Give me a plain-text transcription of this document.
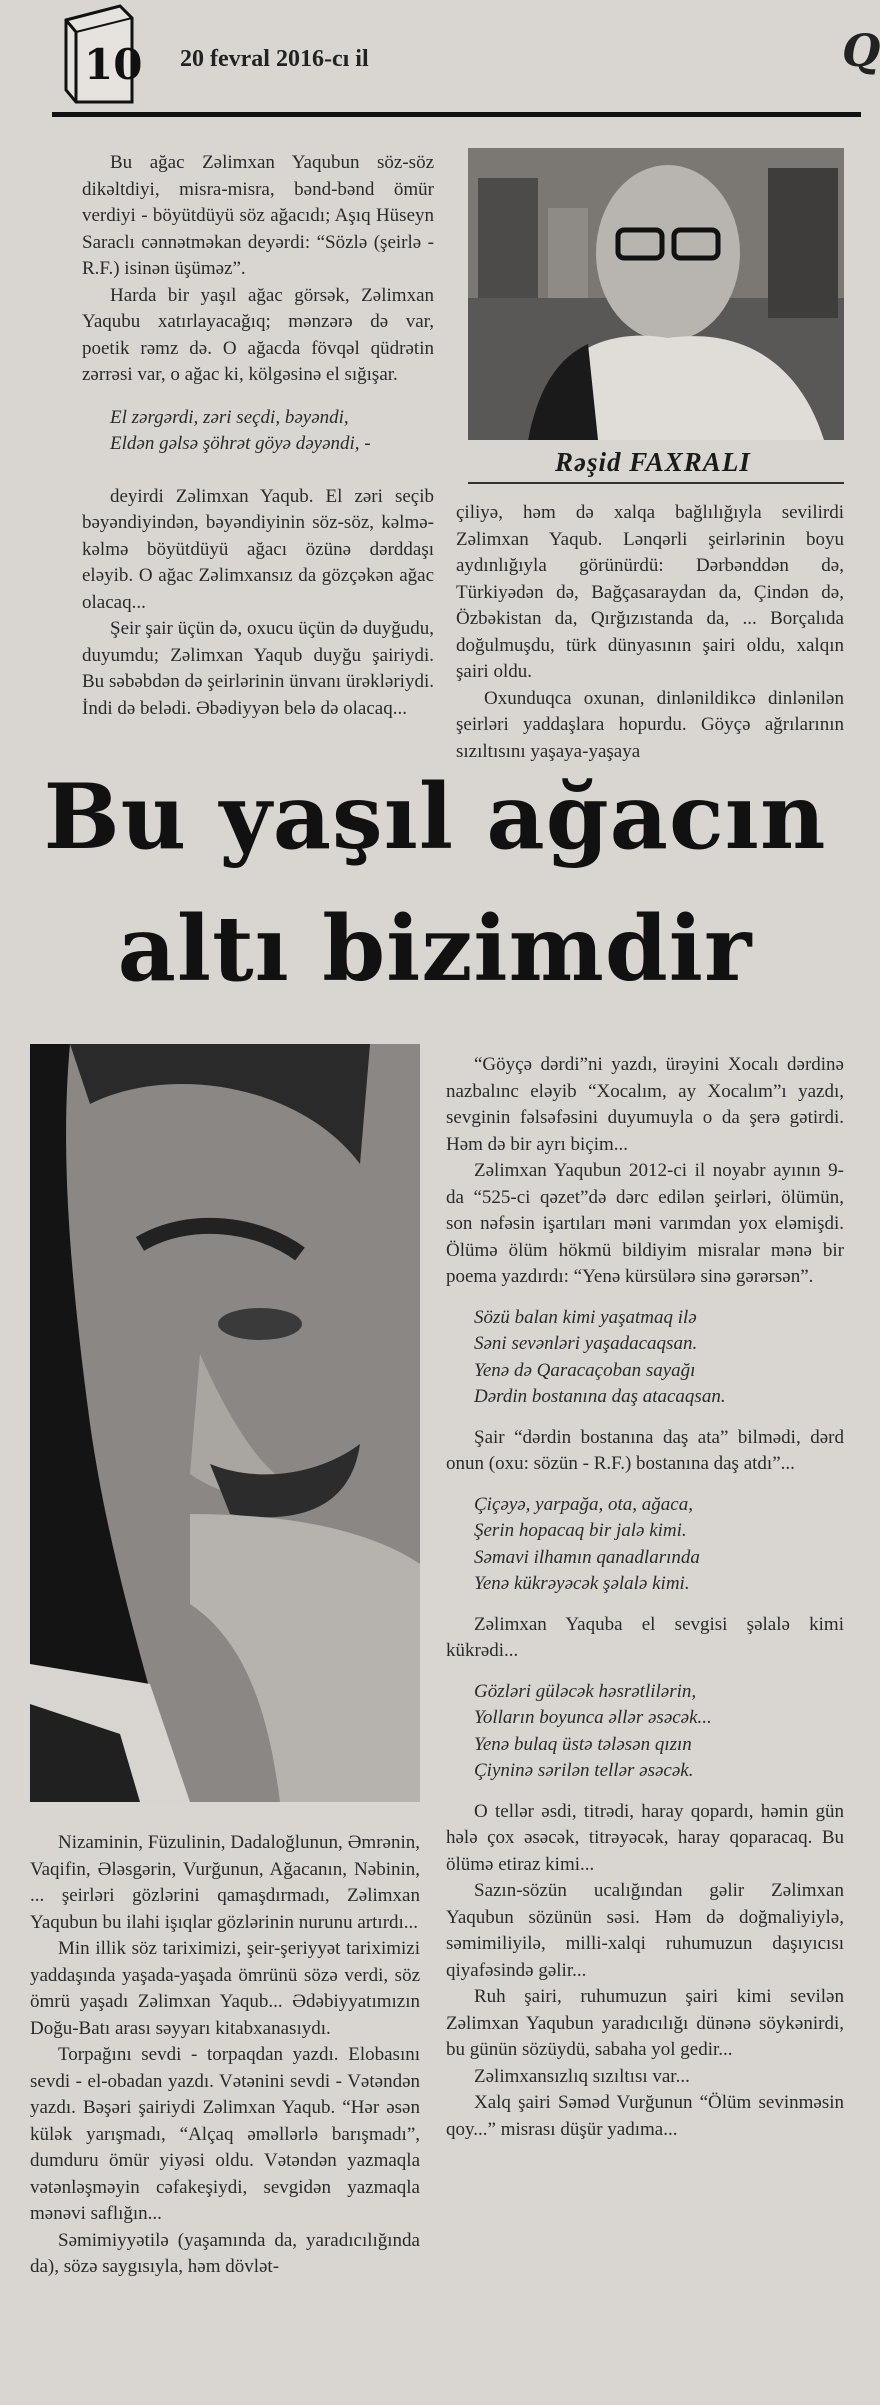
10 20 fevral 2016-cı il	Q

Bu ağac Zəlimxan Yaqubun söz-söz dikəltdiyi, misra-misra, bənd-bənd ömür verdiyi - böyütdüyü söz ağacıdı; Aşıq Hüseyn Saraclı cənnətməkan deyərdi: “Sözlə (şeirlə - R.F.) isinən üşüməz”.

Harda bir yaşıl ağac görsək, Zəlimxan Yaqubu xatırlayacağıq; mənzərə də var, poetik rəmz də. O ağacda fövqəl qüdrətin zərrəsi var, o ağac ki, kölgəsinə el sığışar.

El zərgərdi, zəri seçdi, bəyəndi,

Eldən gəlsə şöhrət göyə dəyəndi, -

deyirdi Zəlimxan Yaqub. El zəri seçib bəyəndiyindən, bəyəndiyinin söz-söz, kəlmə-kəlmə böyütdüyü ağacı özünə dərddaşı eləyib. O ağac Zəlimxansız da gözçəkən ağac olacaq...

Şeir şair üçün də, oxucu üçün də duyğudu, duyumdu; Zəlimxan Yaqub duyğu şairiydi. Bu səbəbdən də şeirlərinin ünvanı ürəkləriydi. İndi də belədi. Əbədiyyən belə də olacaq...

Rəşid FAXRALI

çiliyə, həm də xalqa bağlılığıyla sevilirdi Zəlimxan Yaqub. Lənqərli şeirlərinin boyu aydınlığıyla görünürdü: Dərbənddən də, Türkiyədən də, Bağçasaraydan da, Çindən də, Özbəkistan da, Qırğızıstanda da, ... Borçalıda doğulmuşdu, türk dünyasının şairi oldu, xalqın şairi oldu.

Oxunduqca oxunan, dinlənildikcə dinlənilən şeirləri yaddaşlara hopurdu. Göyçə ağrılarının sızıltısını yaşaya-yaşaya

Bu yaşıl ağacın
altı bizimdir

Nizaminin, Füzulinin, Dadaloğlunun, Əmrənin, Vaqifin, Ələsgərin, Vurğunun, Ağacanın, Nəbinin, ... şeirləri gözlərini qamaşdırmadı, Zəlimxan Yaqubun bu ilahi işıqlar gözlərinin nurunu artırdı...

Min illik söz tariximizi, şeir-şeriyyət tariximizi yaddaşında yaşada-yaşada ömrünü sözə verdi, söz ömrü yaşadı Zəlimxan Yaqub... Ədəbiyyatımızın Doğu-Batı arası səyyarı kitabxanasıydı.

Torpağını sevdi - torpaqdan yazdı. Elobasını sevdi - el-obadan yazdı. Vətənini sevdi - Vətəndən yazdı. Bəşəri şairiydi Zəlimxan Yaqub. “Hər əsən külək yarışmadı, “Alçaq əməllərlə barışmadı”, dumduru ömür yiyəsi oldu. Vətəndən yazmaqla vətənləşməyin cəfakeşiydi, sevgidən yazmaqla mənəvi saflığın...

Səmimiyyətilə (yaşamında da, yaradıcılığında da), sözə saygısıyla, həm dövlət-

“Göyçə dərdi”ni yazdı, ürəyini Xocalı dərdinə nazbalınc eləyib “Xocalım, ay Xocalım”ı yazdı, sevginin fəlsəfəsini duyumuyla o da şerə gətirdi. Həm də bir ayrı biçim...

Zəlimxan Yaqubun 2012-ci il noyabr ayının 9-da “525-ci qəzet”də dərc edilən şeirləri, ölümün, son nəfəsin işartıları məni varımdan yox eləmişdi. Ölümə ölüm hökmü bildiyim misralar mənə bir poema yazdırdı: “Yenə kürsülərə sinə gərərsən”.

Sözü balan kimi yaşatmaq ilə

Səni sevənləri yaşadacaqsan.

Yenə də Qaracaçoban sayağı

Dərdin bostanına daş atacaqsan.

Şair “dərdin bostanına daş ata” bilmədi, dərd onun (oxu: sözün - R.F.) bostanına daş atdı”...

Çiçəyə, yarpağa, ota, ağaca,

Şerin hopacaq bir jalə kimi.

Səmavi ilhamın qanadlarında

Yenə kükrəyəcək şəlalə kimi.

Zəlimxan Yaquba el sevgisi şəlalə kimi kükrədi...

Gözləri güləcək həsrətlilərin,

Yolların boyunca əllər əsəcək...

Yenə bulaq üstə tələsən qızın

Çiyninə sərilən tellər əsəcək.

O tellər əsdi, titrədi, haray qopardı, həmin gün hələ çox əsəcək, titrəyəcək, haray qoparacaq. Bu ölümə etiraz kimi...

Sazın-sözün ucalığından gəlir Zəlimxan Yaqubun sözünün səsi. Həm də doğmaliyiylə, səmimiliyilə, milli-xalqi ruhumuzun daşıyıcısı qiyafəsində gəlir...

Ruh şairi, ruhumuzun şairi kimi sevilən Zəlimxan Yaqubun yaradıcılığı dünənə söykənirdi, bu günün sözüydü, sabaha yol gedir...

Zəlimxansızlıq sızıltısı var...

Xalq şairi Səməd Vurğunun “Ölüm sevinməsin qoy...” misrası düşür yadıma...
